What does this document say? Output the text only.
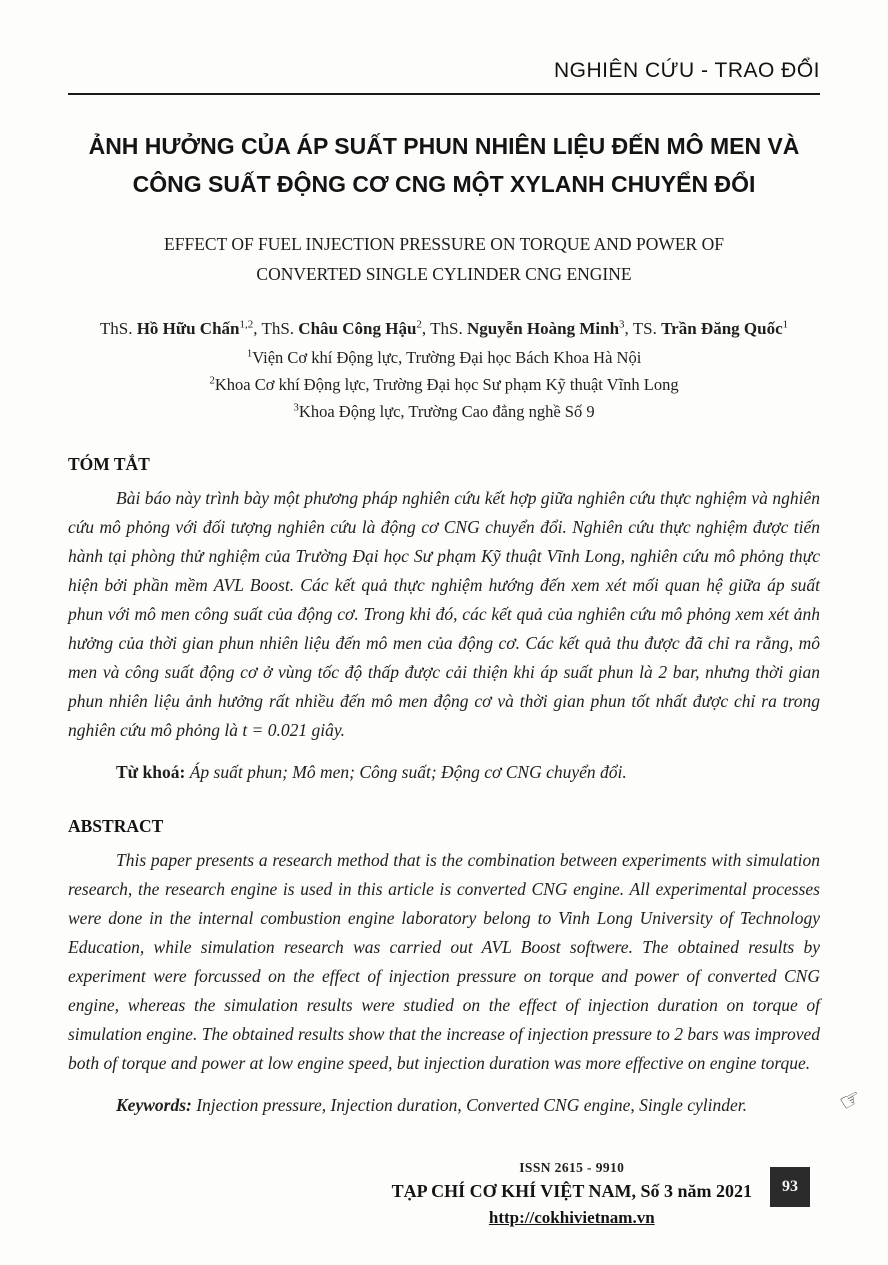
NGHIÊN CỨU - TRAO ĐỔI
ẢNH HƯỞNG CỦA ÁP SUẤT PHUN NHIÊN LIỆU ĐẾN MÔ MEN VÀ
CÔNG SUẤT ĐỘNG CƠ CNG MỘT XYLANH CHUYỂN ĐỔI
EFFECT OF FUEL INJECTION PRESSURE ON TORQUE AND POWER OF
CONVERTED SINGLE CYLINDER CNG ENGINE

ThS. Hồ Hữu Chấn$^{1,2}$, ThS. Châu Công Hậu$^2$, ThS. Nguyễn Hoàng Minh$^3$, TS. Trần Đăng Quốc$^1$

$^1$Viện Cơ khí Động lực, Trường Đại học Bách Khoa Hà Nội

$^2$Khoa Cơ khí Động lực, Trường Đại học Sư phạm Kỹ thuật Vĩnh Long

$^3$Khoa Động lực, Trường Cao đẳng nghề Số 9

TÓM TẮT

Bài báo này trình bày một phương pháp nghiên cứu kết hợp giữa nghiên cứu thực nghiệm và nghiên cứu mô phỏng với đối tượng nghiên cứu là động cơ CNG chuyển đổi. Nghiên cứu thực nghiệm được tiến hành tại phòng thử nghiệm của Trường Đại học Sư phạm Kỹ thuật Vĩnh Long, nghiên cứu mô phỏng thực hiện bởi phần mềm AVL Boost. Các kết quả thực nghiệm hướng đến xem xét mối quan hệ giữa áp suất phun với mô men công suất của động cơ. Trong khi đó, các kết quả của nghiên cứu mô phỏng xem xét ảnh hưởng của thời gian phun nhiên liệu đến mô men của động cơ. Các kết quả thu được đã chỉ ra rằng, mô men và công suất động cơ ở vùng tốc độ thấp được cải thiện khi áp suất phun là 2 bar, nhưng thời gian phun nhiên liệu ảnh hưởng rất nhiều đến mô men động cơ và thời gian phun tốt nhất được chỉ ra trong nghiên cứu mô phỏng là t = 0.021 giây.

Từ khoá: Áp suất phun; Mô men; Công suất; Động cơ CNG chuyển đổi.

ABSTRACT

This paper presents a research method that is the combination between experiments with simulation research, the research engine is used in this article is converted CNG engine. All experimental processes were done in the internal combustion engine laboratory belong to Vinh Long University of Technology Education, while simulation research was carried out AVL Boost softwere. The obtained results by experiment were forcussed on the effect of injection pressure on torque and power of converted CNG engine, whereas the simulation results were studied on the effect of injection duration on torque of simulation engine. The obtained results show that the increase of injection pressure to 2 bars was improved both of torque and power at low engine speed, but injection duration was more effective on engine torque.

Keywords: Injection pressure, Injection duration, Converted CNG engine, Single cylinder.	☞
ISSN 2615 - 9910
TẠP CHÍ CƠ KHÍ VIỆT NAM, Số 3 năm 2021
http://cokhivietnam.vn
93
